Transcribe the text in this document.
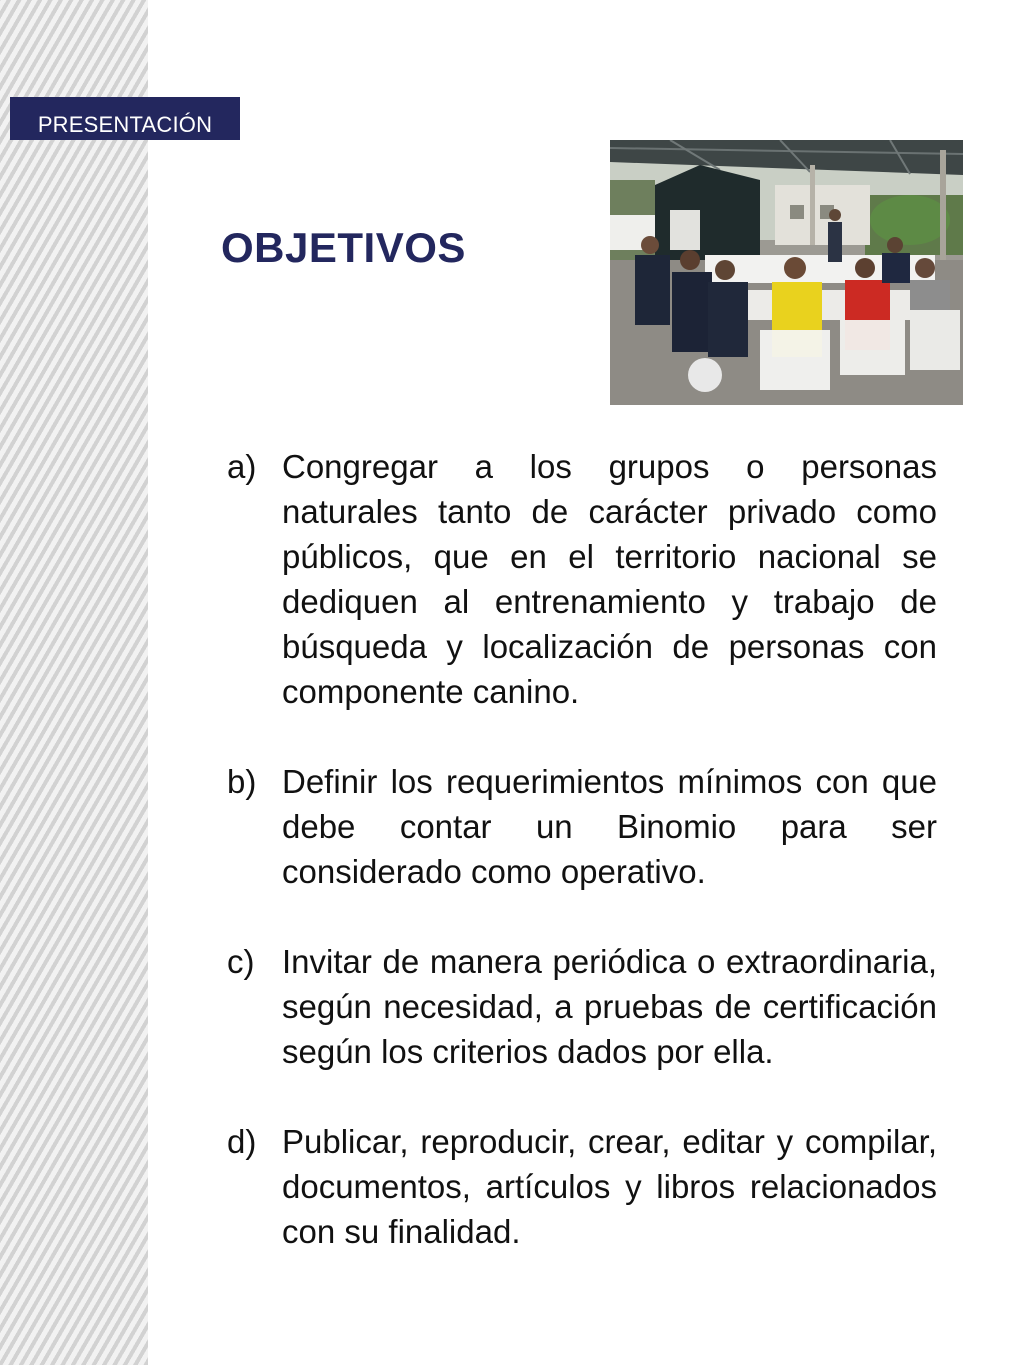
PRESENTACIÓN
OBJETIVOS
a) Congregar a los grupos o personas naturales tanto de carácter privado como públicos, que en el territorio nacional se dediquen al entrenamiento y trabajo de búsqueda y localización de personas con componente canino.
b) Definir los requerimientos mínimos con que debe contar un Binomio para ser considerado como operativo.
c) Invitar de manera periódica o extraordinaria, según necesidad, a pruebas de certificación según los criterios dados por ella.
d) Publicar, reproducir, crear, editar y compilar, documentos, artículos y libros relacionados con su finalidad.
